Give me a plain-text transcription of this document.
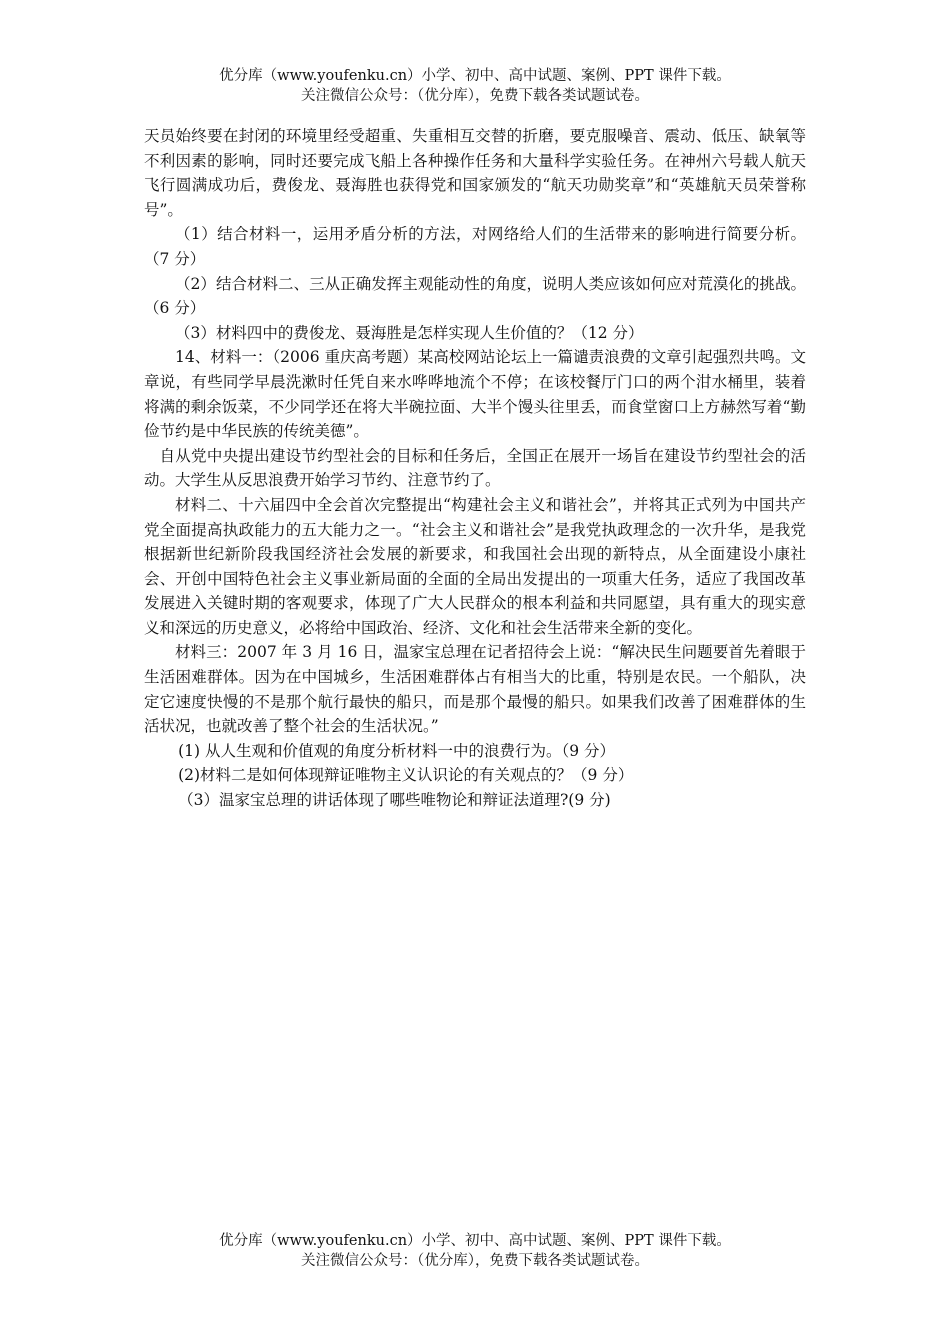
优分库（www.youfenku.cn）小学、初中、高中试题、案例、PPT 课件下载。
关注微信公众号：（优分库），免费下载各类试题试卷。

天员始终要在封闭的环境里经受超重、失重相互交替的折磨，要克服噪音、震动、低压、缺氧等不利因素的影响，同时还要完成飞船上各种操作任务和大量科学实验任务。在神州六号载人航天飞行圆满成功后，费俊龙、聂海胜也获得党和国家颁发的“航天功勋奖章”和“英雄航天员荣誉称号”。

（1）结合材料一，运用矛盾分析的方法，对网络给人们的生活带来的影响进行简要分析。（7 分）

（2）结合材料二、三从正确发挥主观能动性的角度，说明人类应该如何应对荒漠化的挑战。（6 分）

（3）材料四中的费俊龙、聂海胜是怎样实现人生价值的？（12 分）

14、材料一：（2006 重庆高考题）某高校网站论坛上一篇谴责浪费的文章引起强烈共鸣。文章说，有些同学早晨洗漱时任凭自来水哗哗地流个不停；在该校餐厅门口的两个泔水桶里，装着将满的剩余饭菜，不少同学还在将大半碗拉面、大半个馒头往里丢，而食堂窗口上方赫然写着“勤俭节约是中华民族的传统美德”。

自从党中央提出建设节约型社会的目标和任务后，全国正在展开一场旨在建设节约型社会的活动。大学生从反思浪费开始学习节约、注意节约了。

材料二、十六届四中全会首次完整提出“构建社会主义和谐社会”，并将其正式列为中国共产党全面提高执政能力的五大能力之一。“社会主义和谐社会”是我党执政理念的一次升华，是我党根据新世纪新阶段我国经济社会发展的新要求，和我国社会出现的新特点，从全面建设小康社会、开创中国特色社会主义事业新局面的全面的全局出发提出的一项重大任务，适应了我国改革发展进入关键时期的客观要求，体现了广大人民群众的根本利益和共同愿望，具有重大的现实意义和深远的历史意义，必将给中国政治、经济、文化和社会生活带来全新的变化。

材料三：2007 年 3 月 16 日，温家宝总理在记者招待会上说：“解决民生问题要首先着眼于生活困难群体。因为在中国城乡，生活困难群体占有相当大的比重，特别是农民。一个船队，决定它速度快慢的不是那个航行最快的船只，而是那个最慢的船只。如果我们改善了困难群体的生活状况，也就改善了整个社会的生活状况。”

(1) 从人生观和价值观的角度分析材料一中的浪费行为。（9 分）

(2)材料二是如何体现辩证唯物主义认识论的有关观点的？（9 分）

（3）温家宝总理的讲话体现了哪些唯物论和辩证法道理?(9 分)

优分库（www.youfenku.cn）小学、初中、高中试题、案例、PPT 课件下载。
关注微信公众号：（优分库），免费下载各类试题试卷。
